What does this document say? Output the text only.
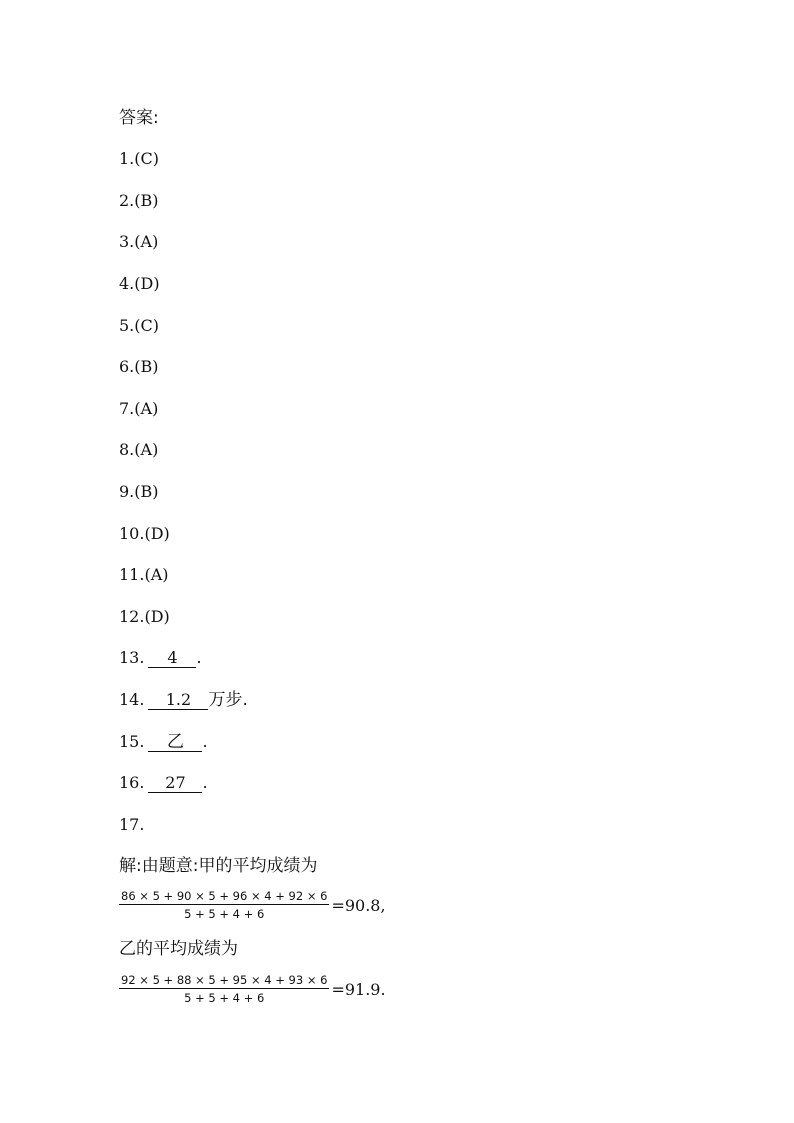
答案:
1.(C)
2.(B)
3.(A)
4.(D)
5.(C)
6.(B)
7.(A)
8.(A)
9.(B)
10.(D)
11.(A)
12.(D)
13. 4 .
14. 1.2 万步.
15. 乙 .
16. 27 .
17.
解:由题意:甲的平均成绩为
$\frac{86 \times 5 + 90 \times 5 + 96 \times 4 + 92 \times 6}{5 + 5 + 4 + 6} =90.8$,
乙的平均成绩为
$\frac{92 \times 5 + 88 \times 5 + 95 \times 4 + 93 \times 6}{5 + 5 + 4 + 6} =91.9$.
